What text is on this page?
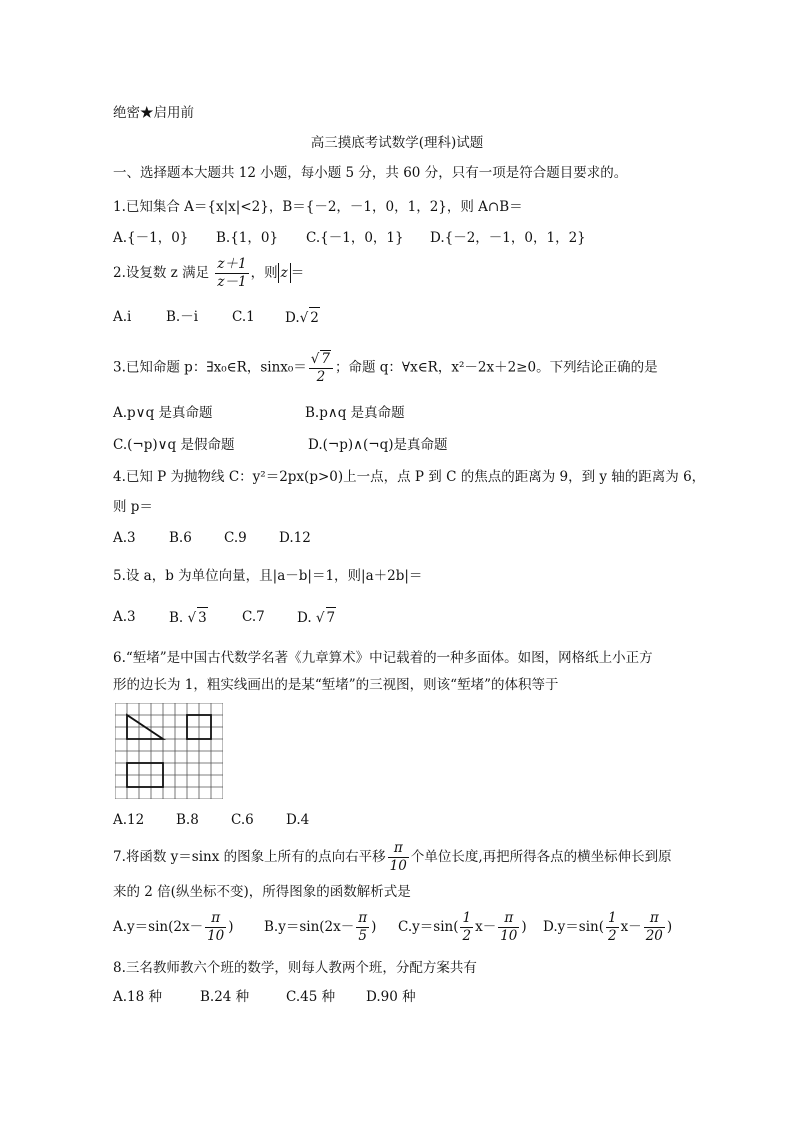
绝密★启用前
高三摸底考试数学(理科)试题
一、选择题本大题共 12 小题，每小题 5 分，共 60 分，只有一项是符合题目要求的。
1.已知集合 A＝{x|x|<2}，B＝{－2，－1，0，1，2}，则 A∩B＝
A.{－1，0} B.{1，0} C.{－1，0，1} D.{－2，－1，0，1，2}
2.设复数 z 满足 $\frac{z+1}{z-1}$ ，则 z ＝
A.i	B.－i	C.1 D.√ 2
3.已知命题 p：∃x₀∈R，$\sin x_0= \frac{√ 7}{2}$ ；命题 q：∀x∈R，x²－2x＋2≥0。下列结论正确的是
A.p∨q 是真命题	B.p∧q 是真命题
C.(¬p)∨q 是假命题	D.(¬p)∧(¬q)是真命题
4.已知 P 为抛物线 C：y²＝2px(p>0)上一点，点 P 到 C 的焦点的距离为 9，到 y 轴的距离为 6，
则 p＝
A.3 B.6 C.9 D.12
5.设 a，b 为单位向量，且|a－b|＝1，则|a＋2b|＝
A.3 B. √ 3	C.7 D. √ 7
6.“堑堵”是中国古代数学名著《九章算术》中记载着的一种多面体。如图，网格纸上小正方
形的边长为 1，粗实线画出的是某“堑堵”的三视图，则该“堑堵”的体积等于
A.12 B.8 C.6 D.4
7.将函数 y＝sinx 的图象上所有的点向右平移 $\frac{\pi}{10}$ 个单位长度,再把所得各点的横坐标伸长到原
来的 2 倍(纵坐标不变)，所得图象的函数解析式是
$A.y=\sin(2x- \frac{\pi}{10}$ ) $B.y=\sin(2x- \frac{\pi}{5}$ ) $C.y=\sin( \frac{1}{2} x- \frac{\pi}{10}$ ) $D.y=\sin( \frac{1}{2} x- \frac{\pi}{20}$ )
8.三名教师教六个班的数学，则每人教两个班，分配方案共有
A.18 种	B.24 种	C.45 种 D.90 种
